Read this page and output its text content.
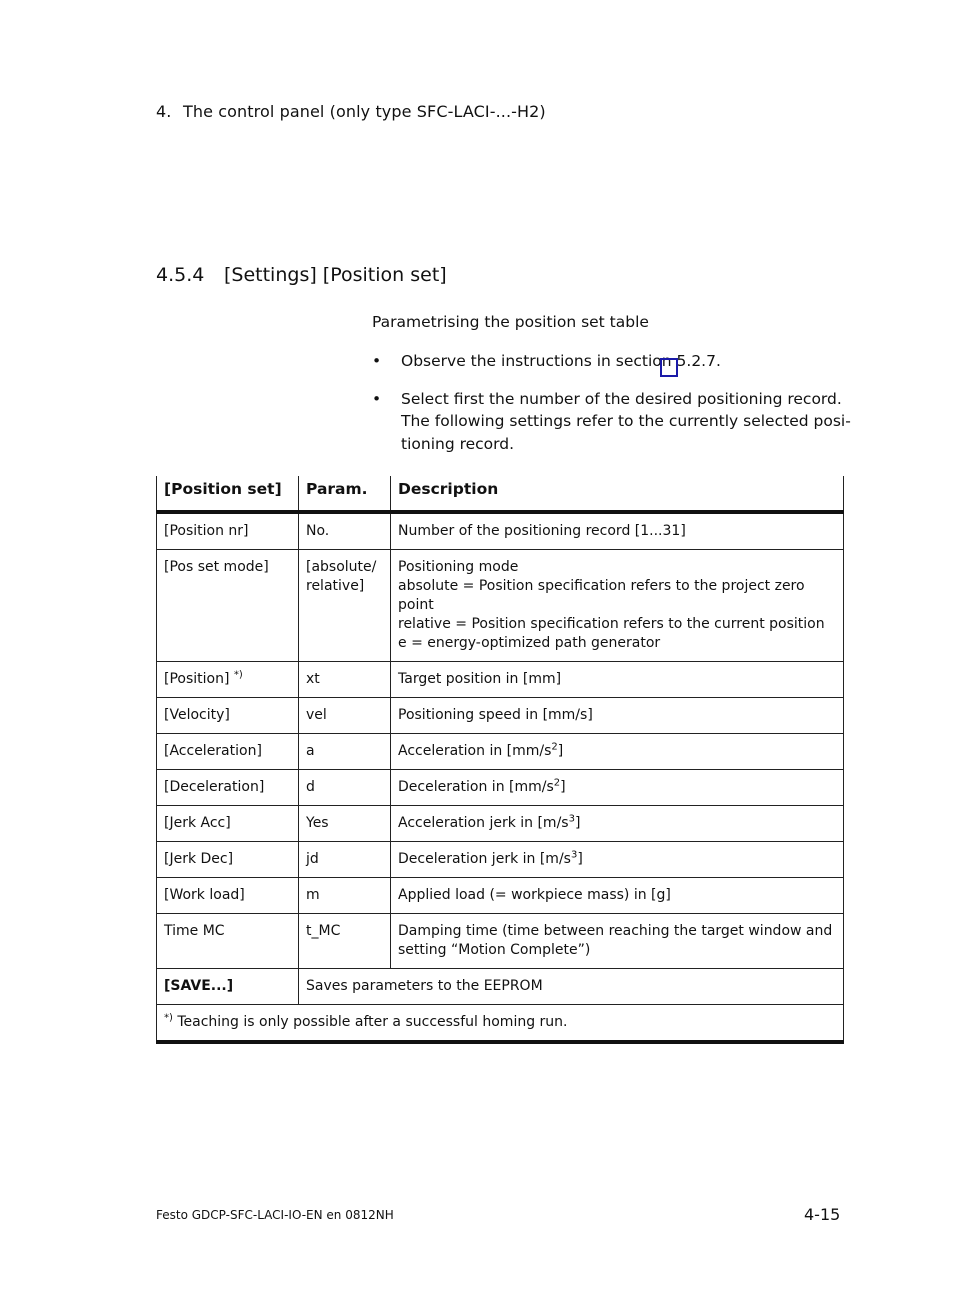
4. The control panel (only type SFC-LACI-...-H2)
4.5.4 [Settings] [Position set]
Parametrising the position set table
• Observe the instructions in section 5.2.7.
• Select first the number of the desired positioning record. The following settings refer to the currently selected posi-tioning record.
[Position set]	Param.	Description
[Position nr]	No.	Number of the positioning record [1...31]

[Pos set mode]	[absolute/ relative]	Positioning mode
absolute = Position specification refers to the project zero point
relative = Position specification refers to the current position
e = energy-optimized path generator

[Position] *)	xt	Target position in [mm]

[Velocity]	vel	Positioning speed in [mm/s]

[Acceleration]	a	Acceleration in $[mm/s^2]$

[Deceleration]	d	Deceleration in $[mm/s^2]$

[Jerk Acc]	Yes	Acceleration jerk in $[m/s^3]$

[Jerk Dec]	jd	Deceleration jerk in $[m/s^3]$

[Work load]	m	Applied load (= workpiece mass) in [g]

Time MC	t_MC	Damping time (time between reaching the target window and setting “Motion Complete”)

[SAVE...]	Saves parameters to the EEPROM	
*) Teaching is only possible after a successful homing run.		
Festo GDCP-SFC-LACI-IO-EN en 0812NH	4-15
